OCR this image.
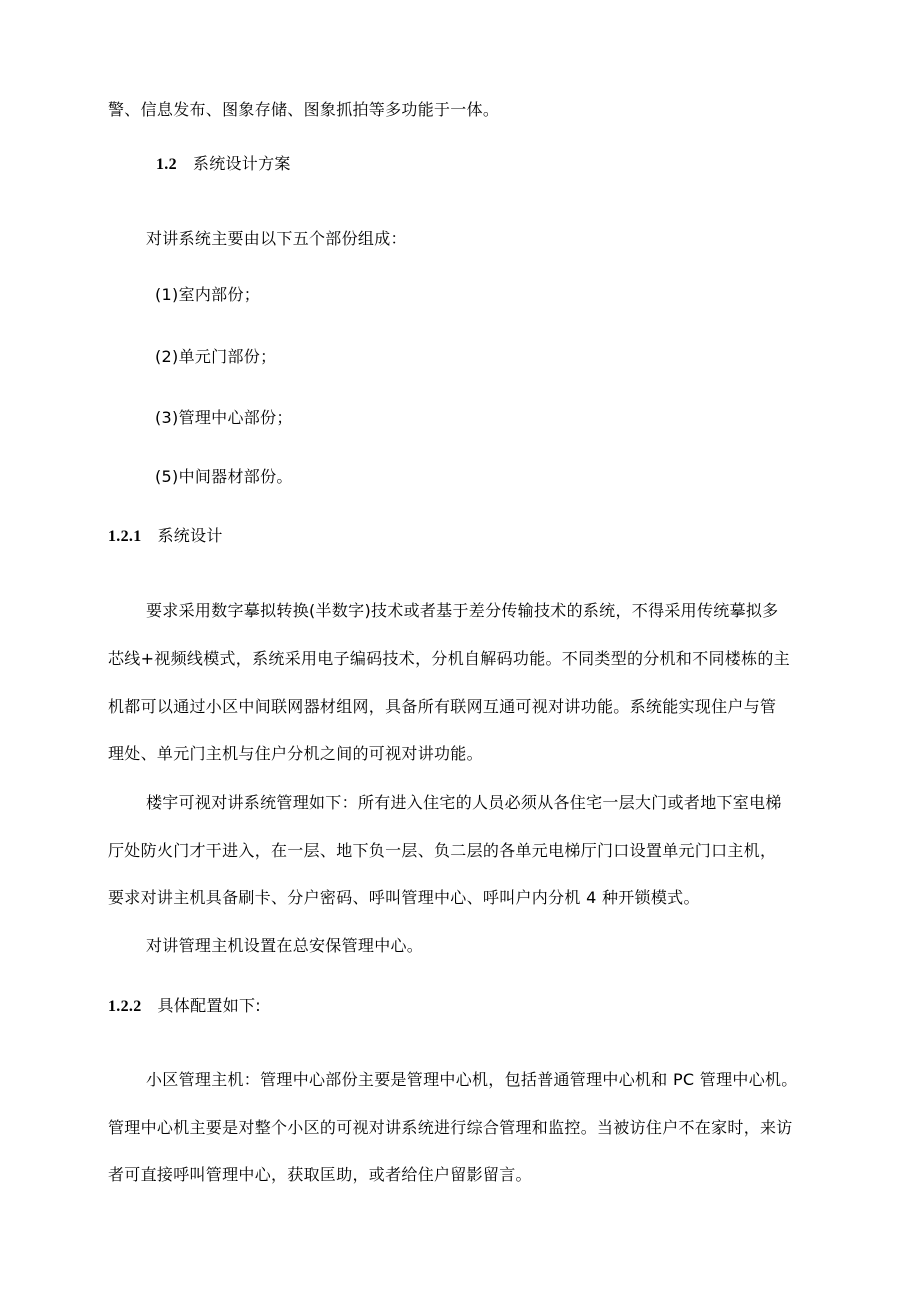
警、信息发布、图象存储、图象抓拍等多功能于一体。
1.2 系统设计方案
对讲系统主要由以下五个部份组成：
(1)室内部份；
(2)单元门部份；
(3)管理中心部份；
(5)中间器材部份。
1.2.1 系统设计
要求采用数字摹拟转换(半数字)技术或者基于差分传输技术的系统，不得采用传统摹拟多
芯线+视频线模式，系统采用电子编码技术，分机自解码功能。不同类型的分机和不同楼栋的主
机都可以通过小区中间联网器材组网，具备所有联网互通可视对讲功能。系统能实现住户与管
理处、单元门主机与住户分机之间的可视对讲功能。
楼宇可视对讲系统管理如下：所有进入住宅的人员必须从各住宅一层大门或者地下室电梯
厅处防火门才干进入，在一层、地下负一层、负二层的各单元电梯厅门口设置单元门口主机，
要求对讲主机具备刷卡、分户密码、呼叫管理中心、呼叫户内分机 4 种开锁模式。
对讲管理主机设置在总安保管理中心。
1.2.2 具体配置如下:
小区管理主机：管理中心部份主要是管理中心机，包括普通管理中心机和 PC 管理中心机。
管理中心机主要是对整个小区的可视对讲系统进行综合管理和监控。当被访住户不在家时，来访
者可直接呼叫管理中心，获取匡助，或者给住户留影留言。
